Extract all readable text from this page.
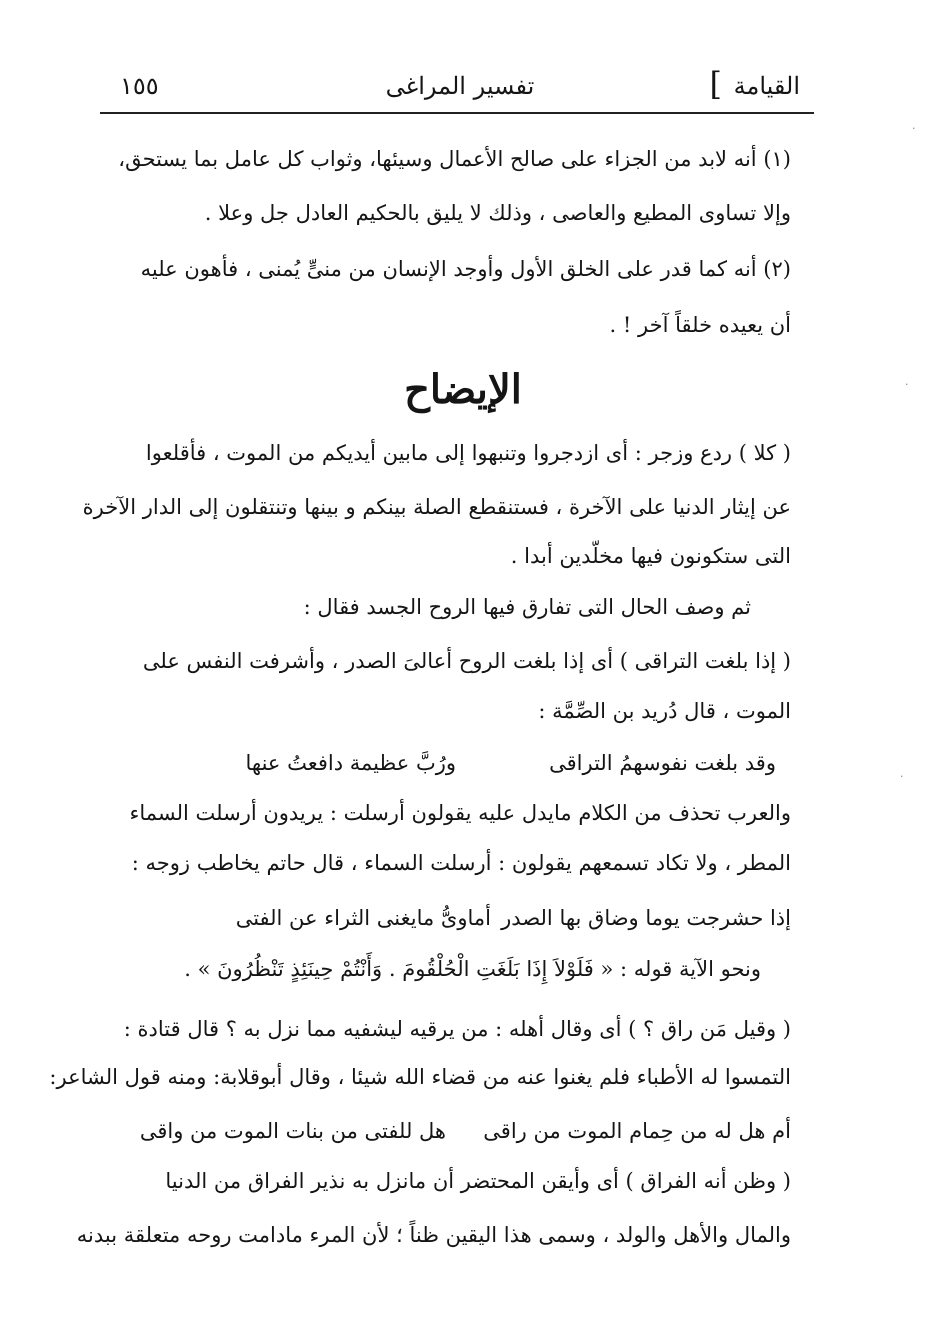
القيامة
]
تفسير المراغى
١٥٥
(١) أنه لابد من الجزاء على صالح الأعمال وسيئها، وثواب كل عامل بما يستحق،
وإلا تساوى المطيع والعاصى ، وذلك لا يليق بالحكيم العادل جل وعلا .
(٢) أنه كما قدر على الخلق الأول وأوجد الإنسان من منىٍّ يُمنى ، فأهون عليه
أن يعيده خلقاً آخر ! .
الإيضاح
( كلا ) ردع وزجر : أى ازدجروا وتنبهوا إلى مابين أيديكم من الموت ، فأقلعوا
عن إيثار الدنيا على الآخرة ، فستنقطع الصلة بينكم و بينها وتنتقلون إلى الدار الآخرة
التى ستكونون فيها مخلّدين أبدا .
ثم وصف الحال التى تفارق فيها الروح الجسد فقال :
( إذا بلغت التراقى ) أى إذا بلغت الروح أعالىَ الصدر ، وأشرفت النفس على
الموت ، قال دُريد بن الصِّمَّة :
ورُبَّ عظيمة دافعتُ عنها	وقد بلغت نفوسهمُ التراقى
والعرب تحذف من الكلام مايدل عليه يقولون أرسلت : يريدون أرسلت السماء
المطر ، ولا تكاد تسمعهم يقولون : أرسلت السماء ، قال حاتم يخاطب زوجه :
أماوىُّ مايغنى الثراء عن الفتى إذا حشرجت يوما وضاق بها الصدر
ونحو الآية قوله : « فَلَوْلاَ إِذَا بَلَغَتِ الْحُلْقُومَ . وَأَنْتُمْ حِينَئِذٍ تَنْظُرُونَ » .
( وقيل مَن راق ؟ ) أى وقال أهله : من يرقيه ليشفيه مما نزل به ؟ قال قتادة :
التمسوا له الأطباء فلم يغنوا عنه من قضاء الله شيئا ، وقال أبوقلابة: ومنه قول الشاعر:
هل للفتى من بنات الموت من واقى أم هل له من حِمام الموت من راقى
( وظن أنه الفراق ) أى وأيقن المحتضر أن مانزل به نذير الفراق من الدنيا
والمال والأهل والولد ، وسمى هذا اليقين ظناً ؛ لأن المرء مادامت روحه متعلقة ببدنه
·
·
·
